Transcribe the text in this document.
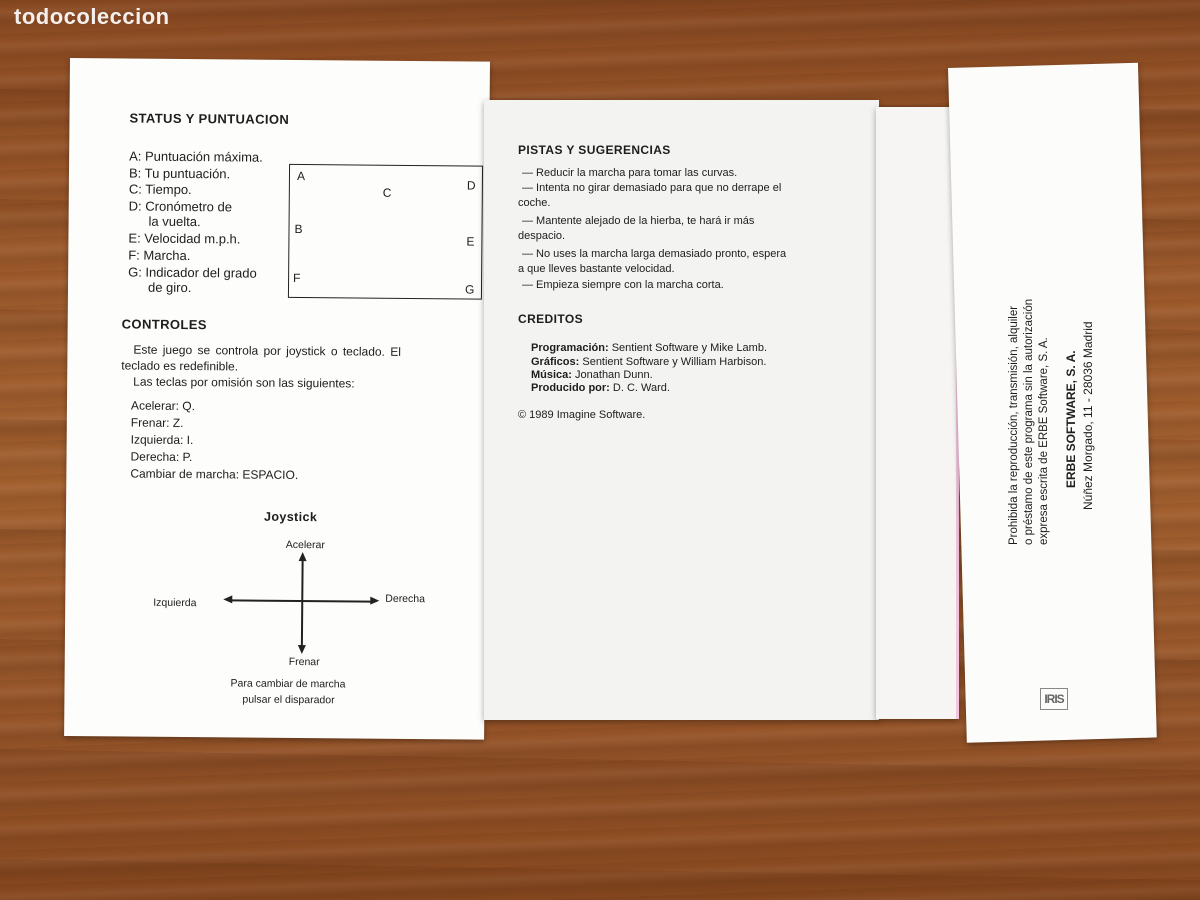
todocoleccion
STATUS Y PUNTUACION
A: Puntuación máxima.
B: Tu puntuación.
C: Tiempo.
D: Cronómetro de
la vuelta.
E: Velocidad m.p.h.
F: Marcha.
G: Indicador del grado
de giro.
A
C
D
B
E
F
G
CONTROLES
Este juego se controla por joystick o teclado. El
teclado es redefinible.
Las teclas por omisión son las siguientes:
Acelerar: Q.
Frenar: Z.
Izquierda: I.
Derecha: P.
Cambiar de marcha: ESPACIO.
Joystick
Acelerar
Izquierda	Derecha
Frenar
Para cambiar de marcha
pulsar el disparador
PISTAS Y SUGERENCIAS
— Reducir la marcha para tomar las curvas.
— Intenta no girar demasiado para que no derrape el
coche.
— Mantente alejado de la hierba, te hará ir más
despacio.
— No uses la marcha larga demasiado pronto, espera
a que lleves bastante velocidad.
— Empieza siempre con la marcha corta.
CREDITOS
Programación: Sentient Software y Mike Lamb.
Gráficos: Sentient Software y William Harbison.
Música: Jonathan Dunn.
Producido por: D. C. Ward.
© 1989 Imagine Software.	Prohibida la reproducción, transmisión, alquiler o préstamo de este programa sin la autorización expresa escrita de ERBE Software, S. A. ERBE SOFTWARE, S. A. Núñez Morgado, 11 - 28036 Madrid
IRIS
